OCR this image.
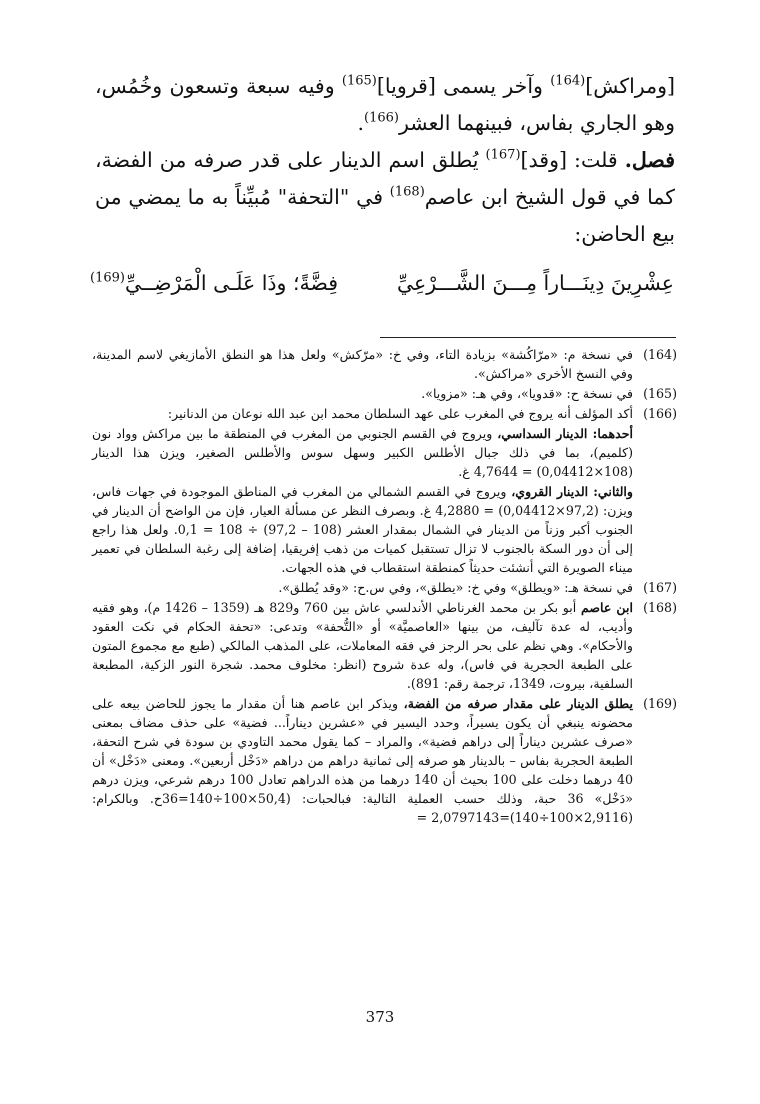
[ومراكش]$^{(164)}$ وآخر يسمى [قرويا]$^{(165)}$ وفيه سبعة وتسعون وخُمُس، وهو الجاري بفاس، فبينهما العشر$^{(166)}$.

فصل. قلت: [وقد]$^{(167)}$ يُطلق اسم الدينار على قدر صرفه من الفضة، كما في قول الشيخ ابن عاصم$^{(168)}$ في "التحفة" مُبيِّناً به ما يمضي من بيع الحاضن:

عِشْرِينَ دِينَـــاراً مِـــنَ الشَّـــرْعِيِّ
فِضَّةً؛ وذَا عَلَـى الْمَرْضِــيِّ$^{(169)}$
(164)

في نسخة م: «مرّاكُشة» بزيادة التاء، وفي خ: «مرّكش» ولعل هذا هو النطق الأمازيغي لاسم المدينة، وفي النسخ الأخرى «مراكش».

(165)

في نسخة ح: «قدويا»، وفي هـ: «مزويا».

(166)

أكد المؤلف أنه يروج في المغرب على عهد السلطان محمد ابن عبد الله نوعان من الدنانير:

أحدهما: الدينار السداسي، ويروج في القسم الجنوبي من المغرب في المنطقة ما بين مراكش وواد نون (كلميم)، بما في ذلك جبال الأطلس الكبير وسهل سوس والأطلس الصغير، ويزن هذا الدينار (108×0,04412) = 4,7644 غ.

والثاني: الدينار القروي، ويروج في القسم الشمالي من المغرب في المناطق الموجودة في جهات فاس، ويزن: (97,2×0,04412) = 4,2880 غ. وبصرف النظر عن مسألة العيار، فإن من الواضح أن الدينار في الجنوب أكبر وزناً من الدينار في الشمال بمقدار العشر (108 – 97,2) ÷ 108 = 0,1. ولعل هذا راجع إلى أن دور السكة بالجنوب لا تزال تستقبل كميات من ذهب إفريقيا، إضافة إلى رغبة السلطان في تعمير ميناء الصويرة التي أنشئت حديثاً كمنطقة استقطاب في هذه الجهات.

(167)

في نسخة هـ: «ويطلق» وفي خ: «يطلق»، وفي س.ح: «وقد يُطلق».

(168)

ابن عاصم أبو بكر بن محمد الغرناطي الأندلسي عاش بين 760 و829 هـ (1359 – 1426 م)، وهو فقيه وأديب، له عدة تآليف، من بينها «العاصميَّة» أو «التُّحفة» وتدعى: «تحفة الحكام في نكت العقود والأحكام». وهي نظم على بحر الرجز في فقه المعاملات، على المذهب المالكي (طبع مع مجموع المتون على الطبعة الحجرية في فاس)، وله عدة شروح (انظر: مخلوف محمد. شجرة النور الزكية، المطبعة السلفية، بيروت، 1349، ترجمة رقم: 891).

(169)

يطلق الدينار على مقدار صرفه من الفضة، ويذكر ابن عاصم هنا أن مقدار ما يجوز للحاضن بيعه على محضونه ينبغي أن يكون يسيراً، وحدد اليسير في «عشرين ديناراً... فضية» على حذف مضاف بمعنى «صرف عشرين ديناراً إلى دراهم فضية»، والمراد – كما يقول محمد التاودي بن سودة في شرح التحفة، الطبعة الحجرية بفاس – بالدينار هو صرفه إلى ثمانية دراهم من دراهم «دَخْل أربعين». ومعنى «دَخْل» أن 40 درهما دخلت على 100 بحيث أن 140 درهما من هذه الدراهم تعادل 100 درهم شرعي، ويزن درهم «دَخْل» 36 حبة، وذلك حسب العملية التالية: فبالحبات: (50,4×100÷140=36ح. وبالكرام: (2,9116×100÷140)=2,0797143 =

373
